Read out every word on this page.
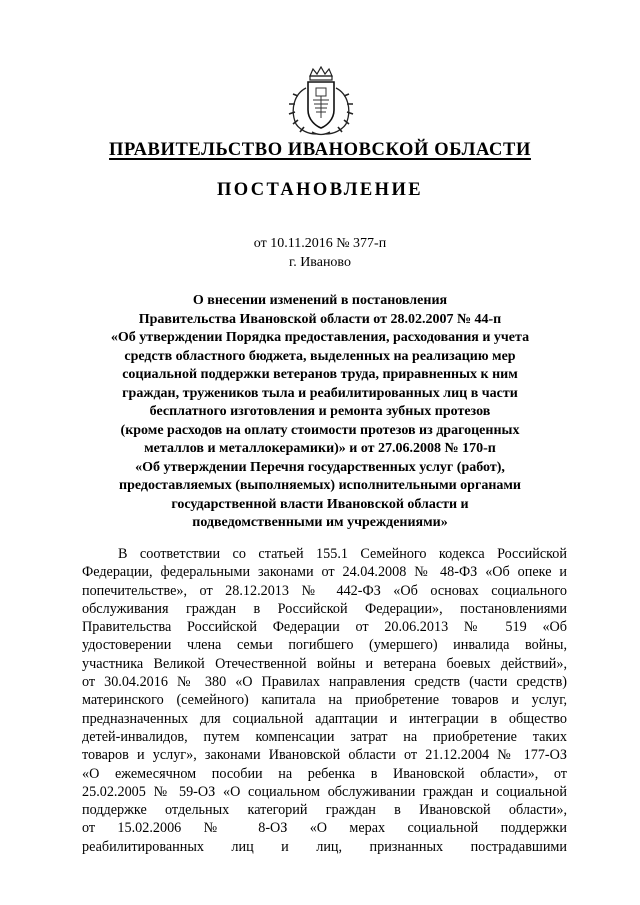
ПРАВИТЕЛЬСТВО ИВАНОВСКОЙ ОБЛАСТИ
ПОСТАНОВЛЕНИЕ
от 10.11.2016 № 377-п
г. Иваново
О внесении изменений в постановления
Правительства Ивановской области от 28.02.2007 № 44-п
«Об утверждении Порядка предоставления, расходования и учета
средств областного бюджета, выделенных на реализацию мер
социальной поддержки ветеранов труда, приравненных к ним
граждан, тружеников тыла и реабилитированных лиц в части
бесплатного изготовления и ремонта зубных протезов
(кроме расходов на оплату стоимости протезов из драгоценных
металлов и металлокерамики)» и от 27.06.2008 № 170-п
«Об утверждении Перечня государственных услуг (работ),
предоставляемых (выполняемых) исполнительными органами
государственной власти Ивановской области и
подведомственными им учреждениями»
В соответствии со статьей 155.1 Семейного кодекса Российской
Федерации, федеральными законами от 24.04.2008 № 48-ФЗ «Об опеке и
попечительстве», от 28.12.2013 № 442-ФЗ «Об основах социального
обслуживания граждан в Российской Федерации», постановлениями
Правительства Российской Федерации от 20.06.2013 № 519 «Об
удостоверении члена семьи погибшего (умершего) инвалида войны,
участника Великой Отечественной войны и ветерана боевых действий»,
от 30.04.2016 № 380 «О Правилах направления средств (части средств)
материнского (семейного) капитала на приобретение товаров и услуг,
предназначенных для социальной адаптации и интеграции в общество
детей-инвалидов, путем компенсации затрат на приобретение таких
товаров и услуг», законами Ивановской области от 21.12.2004 № 177-ОЗ
«О ежемесячном пособии на ребенка в Ивановской области», от
25.02.2005 № 59-ОЗ «О социальном обслуживании граждан и социальной
поддержке отдельных категорий граждан в Ивановской области»,
от 15.02.2006 № 8-ОЗ «О мерах социальной поддержки
реабилитированных лиц и лиц, признанных пострадавшими
